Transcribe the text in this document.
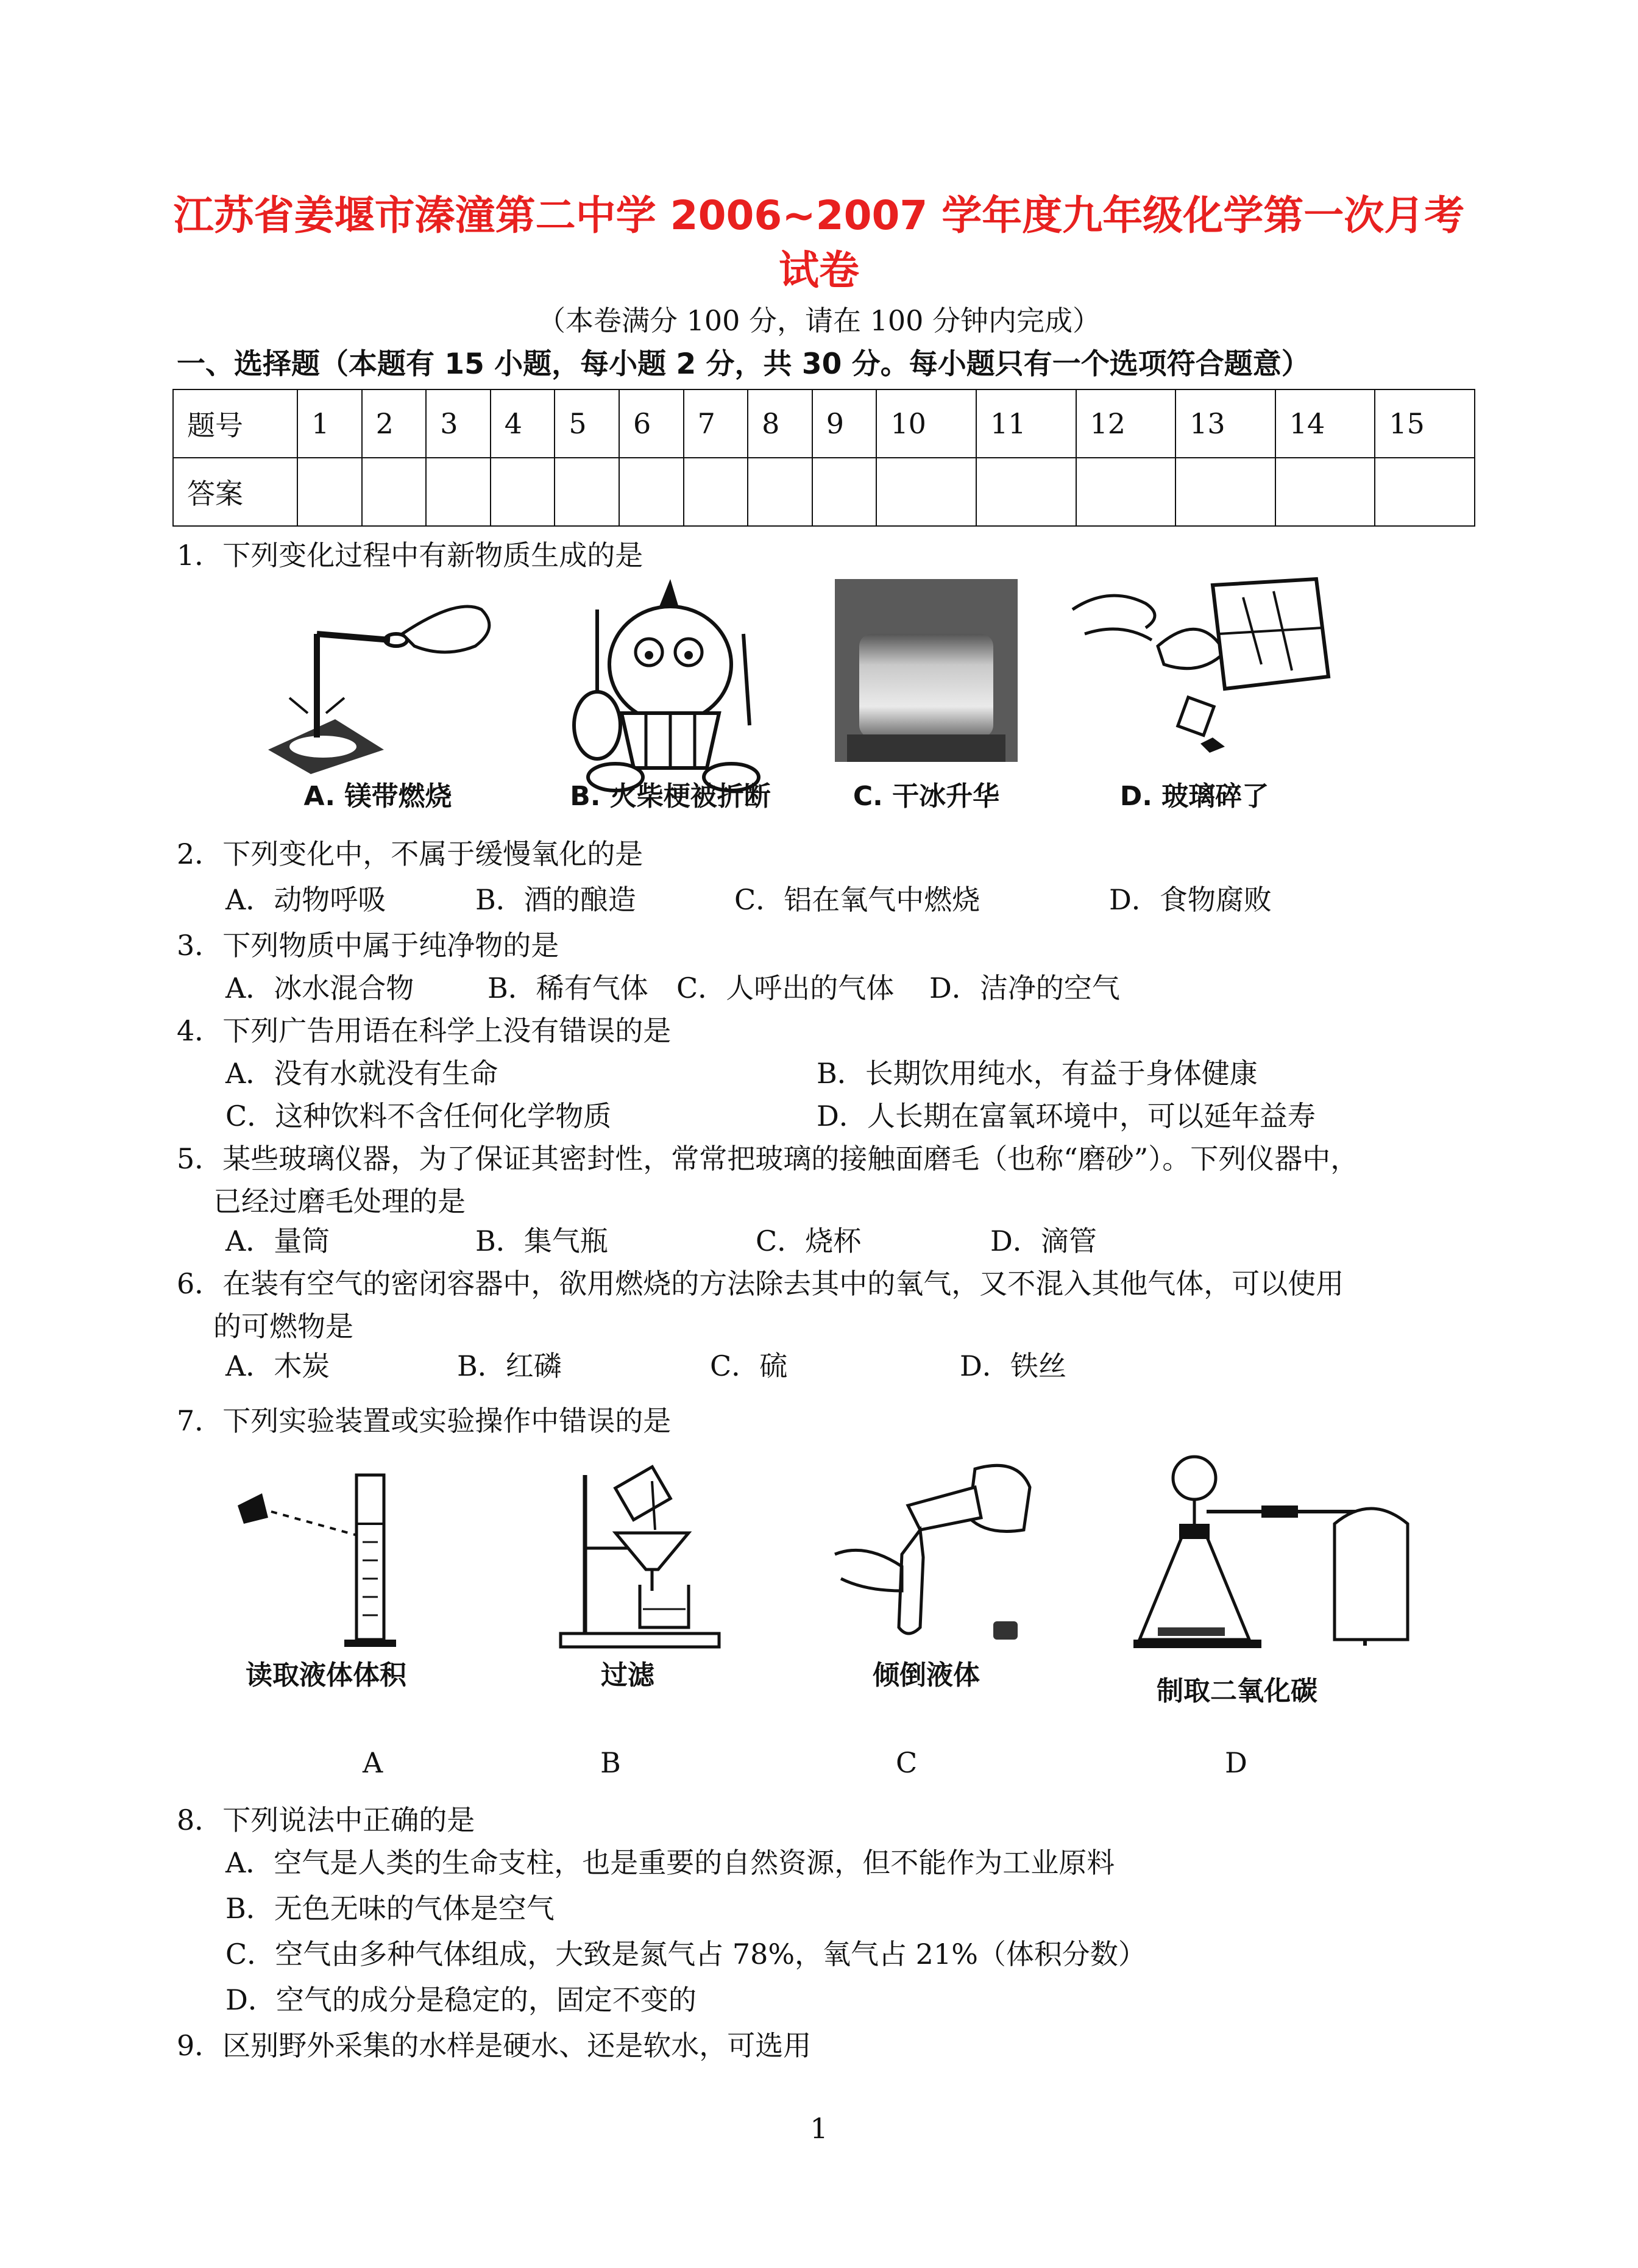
江苏省姜堰市溱潼第二中学 2006~2007 学年度九年级化学第一次月考
试卷
（本卷满分 100 分，请在 100 分钟内完成）
一、选择题（本题有 15 小题，每小题 2 分，共 30 分。每小题只有一个选项符合题意）
题号	1	2	3	4	5	6	7	8	9	10	11	12	13	14	15
答案															
1．下列变化过程中有新物质生成的是
A. 镁带燃烧	B. 火柴梗被折断	C. 干冰升华	D. 玻璃碎了
2．下列变化中，不属于缓慢氧化的是
A．动物呼吸	B．酒的酿造	C．铝在氧气中燃烧	D．食物腐败
3．下列物质中属于纯净物的是
A．冰水混合物	B．稀有气体 C．人呼出的气体 D．洁净的空气
4．下列广告用语在科学上没有错误的是
A．没有水就没有生命	B．长期饮用纯水，有益于身体健康
C．这种饮料不含任何化学物质	D．人长期在富氧环境中，可以延年益寿
5．某些玻璃仪器，为了保证其密封性，常常把玻璃的接触面磨毛（也称“磨砂”）。下列仪器中，
已经过磨毛处理的是
A．量筒	B．集气瓶	C．烧杯	D．滴管
6．在装有空气的密闭容器中，欲用燃烧的方法除去其中的氧气，又不混入其他气体，可以使用
的可燃物是
A．木炭	B．红磷	C．硫	D．铁丝
7．下列实验装置或实验操作中错误的是
读取液体体积	过滤	倾倒液体
制取二氧化碳
A	B	C	D
8．下列说法中正确的是
A．空气是人类的生命支柱，也是重要的自然资源，但不能作为工业原料
B．无色无味的气体是空气
C．空气由多种气体组成，大致是氮气占 78%，氧气占 21%（体积分数）
D．空气的成分是稳定的，固定不变的
9．区别野外采集的水样是硬水、还是软水，可选用
1
